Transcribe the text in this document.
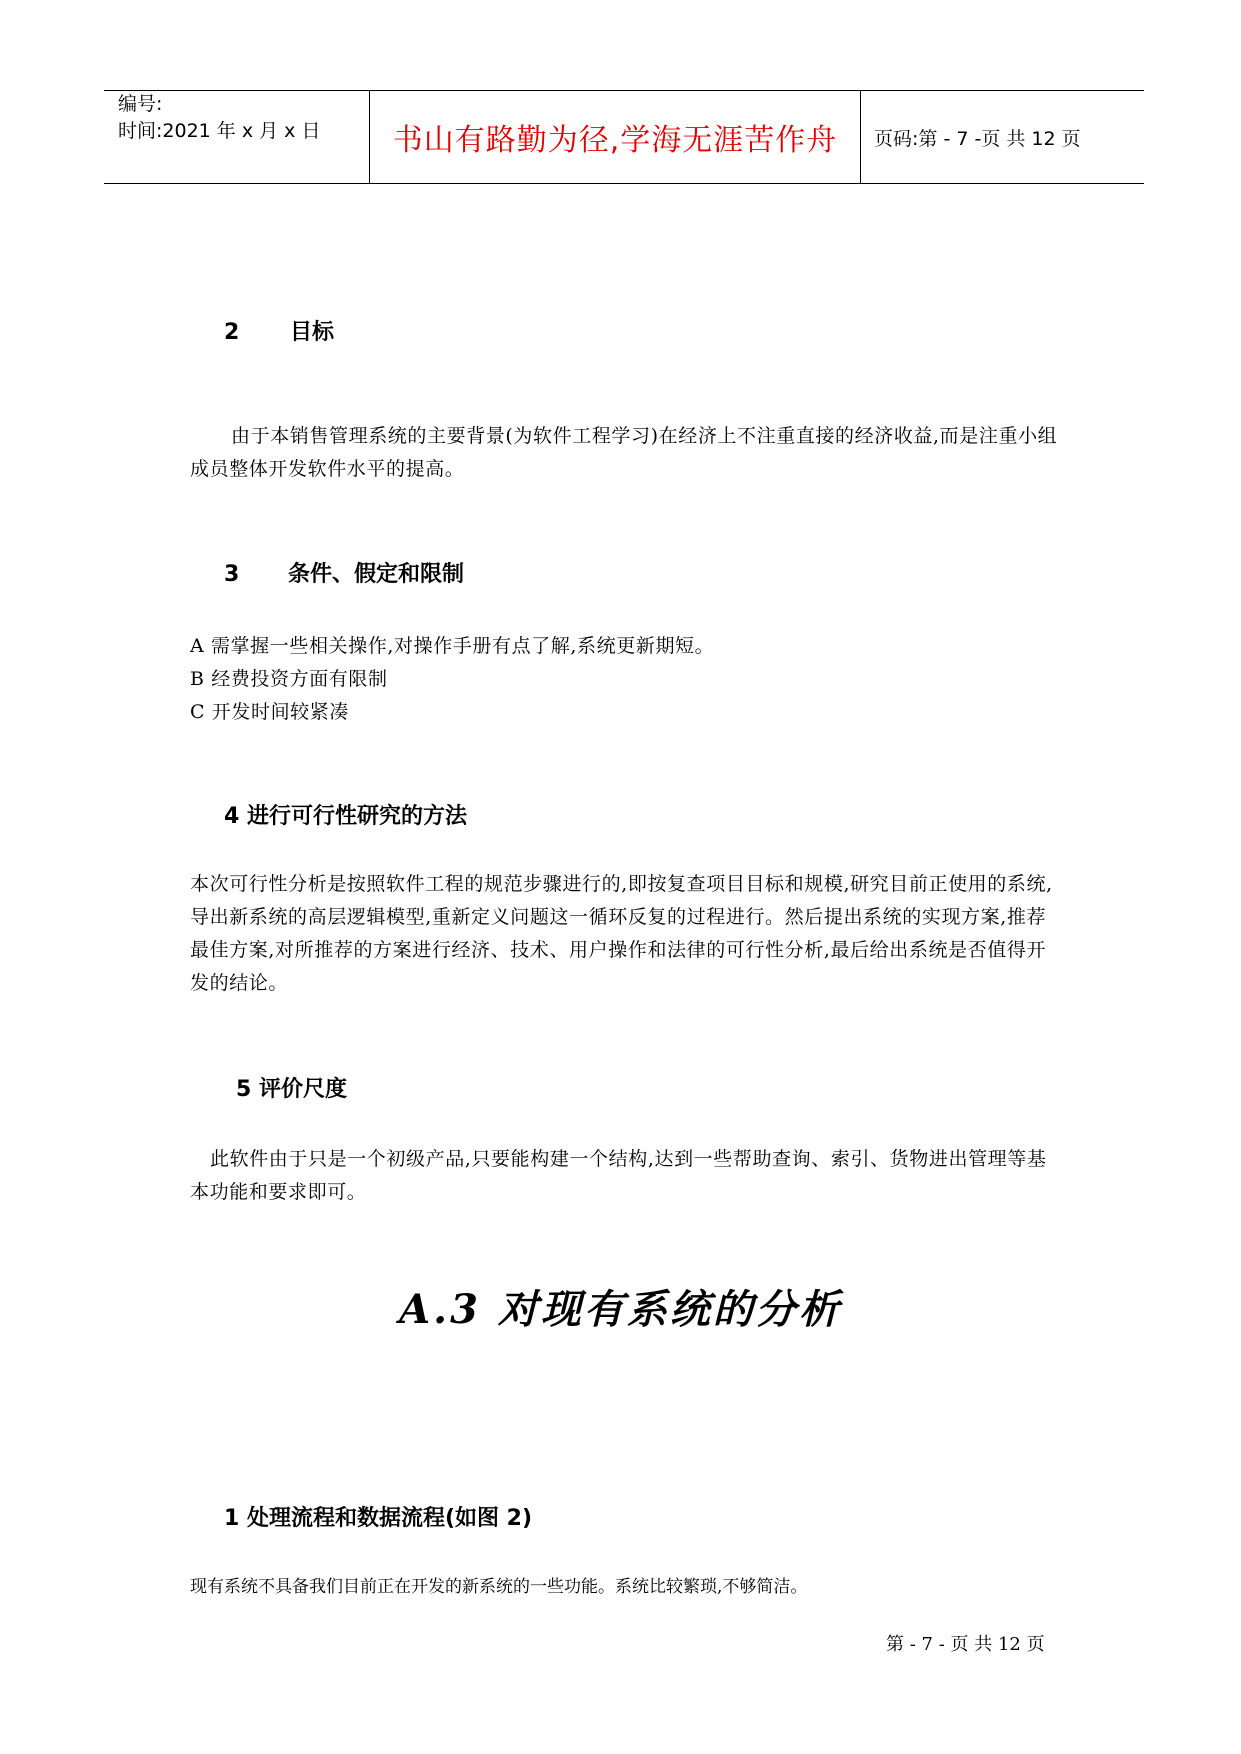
编号:
时间:2021 年 x 月 x 日	书山有路勤为径,学海无涯苦作舟	页码:第 - 7 -页 共 12 页
2 目标
由于本销售管理系统的主要背景(为软件工程学习)在经济上不注重直接的经济收益,而是注重小组成员整体开发软件水平的提高。
3 条件、假定和限制
A 需掌握一些相关操作,对操作手册有点了解,系统更新期短。
B 经费投资方面有限制
C 开发时间较紧凑
4 进行可行性研究的方法
本次可行性分析是按照软件工程的规范步骤进行的,即按复查项目目标和规模,研究目前正使用的系统,导出新系统的高层逻辑模型,重新定义问题这一循环反复的过程进行。然后提出系统的实现方案,推荐最佳方案,对所推荐的方案进行经济、技术、用户操作和法律的可行性分析,最后给出系统是否值得开发的结论。
5 评价尺度
此软件由于只是一个初级产品,只要能构建一个结构,达到一些帮助查询、索引、货物进出管理等基本功能和要求即可。
A.3 对现有系统的分析
1 处理流程和数据流程(如图 2)
现有系统不具备我们目前正在开发的新系统的一些功能。系统比较繁琐,不够简洁。
第 - 7 - 页 共 12 页
